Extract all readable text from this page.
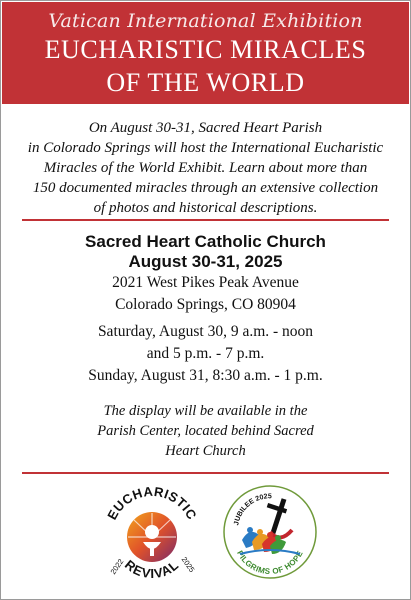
Vatican International Exhibition
EUCHARISTIC MIRACLES
OF THE WORLD
On August 30-31, Sacred Heart Parish
in Colorado Springs will host the International Eucharistic
Miracles of the World Exhibit. Learn about more than
150 documented miracles through an extensive collection
of photos and historical descriptions.
Sacred Heart Catholic Church
August 30-31, 2025
2021 West Pikes Peak Avenue
Colorado Springs, CO 80904
Saturday, August 30, 9 a.m. - noon
and 5 p.m. - 7 p.m.
Sunday, August 31, 8:30 a.m. - 1 p.m.
The display will be available in the
Parish Center, located behind Sacred
Heart Church
EUCHARISTIC
REVIVAL
2022	2025
JUBILEE 2025
PILGRIMS OF HOPE
